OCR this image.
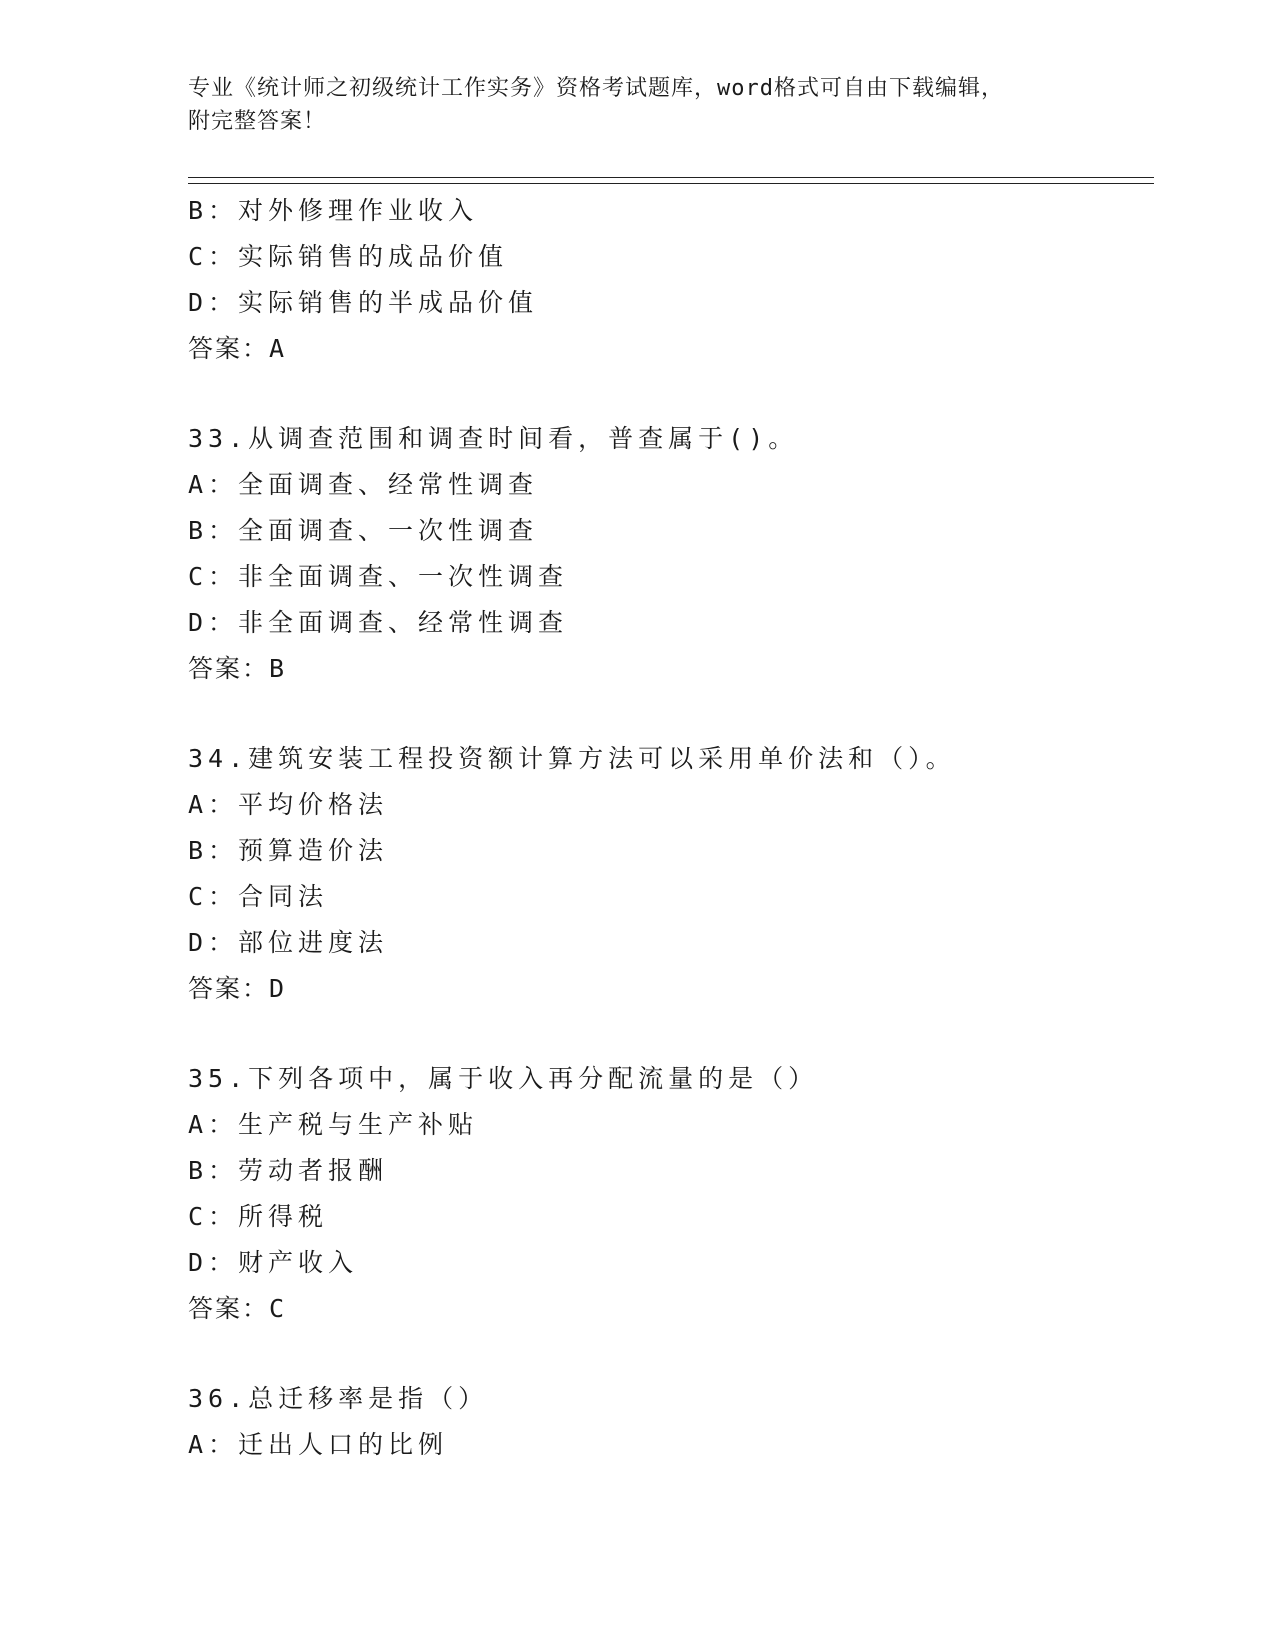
专业《统计师之初级统计工作实务》资格考试题库，word格式可自由下载编辑，
附完整答案！
B：对外修理作业收入
C：实际销售的成品价值
D：实际销售的半成品价值
答案：A
33.从调查范围和调查时间看，普查属于()。
A：全面调查、经常性调查
B：全面调查、一次性调查
C：非全面调查、一次性调查
D：非全面调查、经常性调查
答案：B
34.建筑安装工程投资额计算方法可以采用单价法和（）。
A：平均价格法
B：预算造价法
C：合同法
D：部位进度法
答案：D
35.下列各项中，属于收入再分配流量的是（）
A：生产税与生产补贴
B：劳动者报酬
C：所得税
D：财产收入
答案：C
36.总迁移率是指（）
A：迁出人口的比例
